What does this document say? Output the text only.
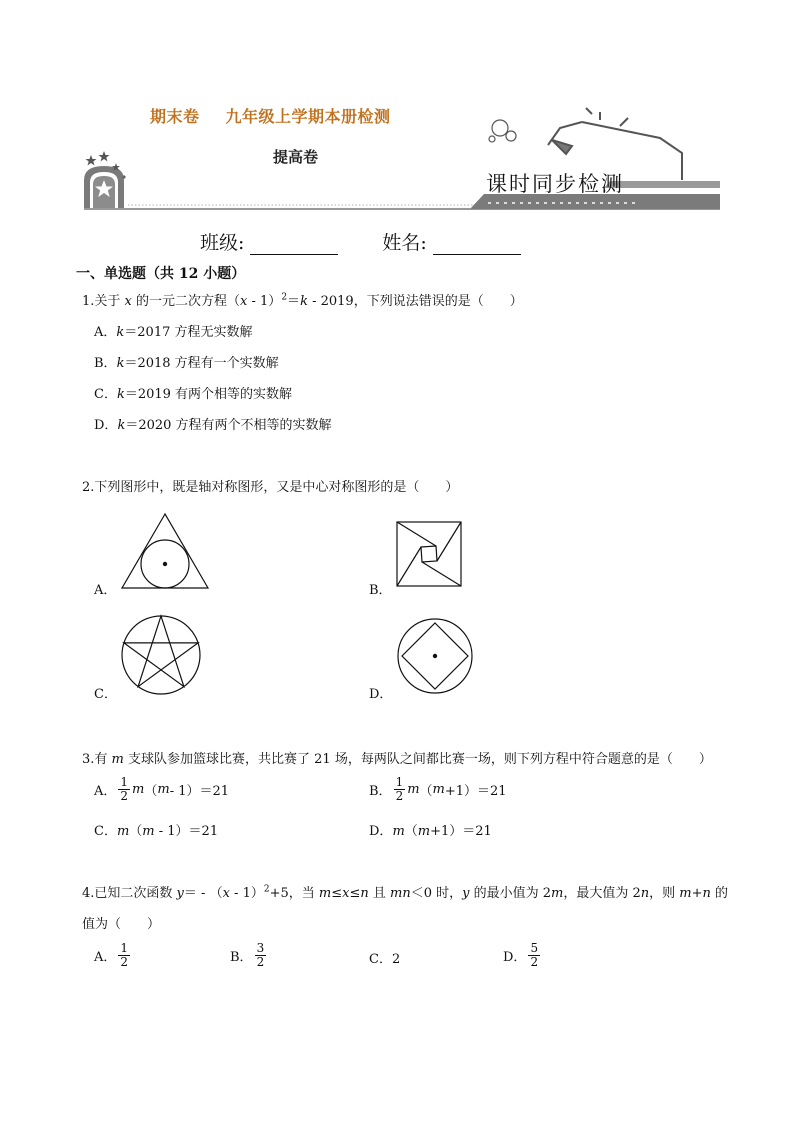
期末卷 九年级上学期本册检测
提高卷
课时同步检测
班级:	姓名:
一、单选题（共 12 小题）
1.关于 x 的一元二次方程（x - 1）$^2$＝k - 2019，下列说法错误的是（　　）
A．k＝2017 方程无实数解
B．k＝2018 方程有一个实数解
C．k＝2019 有两个相等的实数解
D．k＝2020 方程有两个不相等的实数解
2.下列图形中，既是轴对称图形，又是中心对称图形的是（　　）
A．	B．
C．	D．
3.有 m 支球队参加篮球比赛，共比赛了 21 场，每两队之间都比赛一场，则下列方程中符合题意的是（　　）
A． $\frac{1}{2}$ m （ m - 1）＝21	B． $\frac{1}{2}$ m （ m +1）＝21
C．m（m - 1）＝21	D．m（m+1）＝21
4.已知二次函数 y＝ - （x - 1）$^2$+5，当 m≤x≤n 且 mn＜0 时，y 的最小值为 2m，最大值为 2n，则 m+n 的
值为（　　）
A． $\frac{1}{2}$	B． $\frac{3}{2}$	C．2	D． $\frac{5}{2}$
